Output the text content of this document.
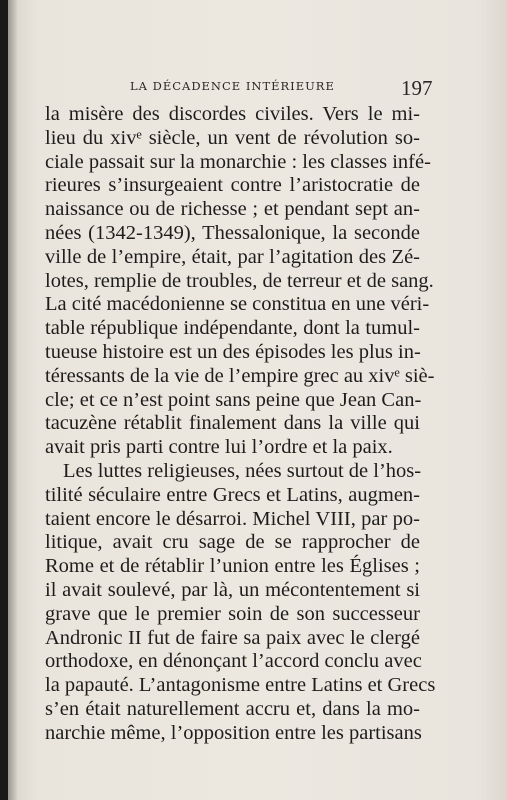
LA DÉCADENCE INTÉRIEURE	197
la misère des discordes civiles. Vers le mi-
lieu du xivᵉ siècle, un vent de révolution so-
ciale passait sur la monarchie : les classes infé-
rieures s’insurgeaient contre l’aristocratie de
naissance ou de richesse ; et pendant sept an-
nées (1342-1349), Thessalonique, la seconde
ville de l’empire, était, par l’agitation des Zé-
lotes, remplie de troubles, de terreur et de sang.
La cité macédonienne se constitua en une véri-
table république indépendante, dont la tumul-
tueuse histoire est un des épisodes les plus in-
téressants de la vie de l’empire grec au xivᵉ siè-
cle; et ce n’est point sans peine que Jean Can-
tacuzène rétablit finalement dans la ville qui
avait pris parti contre lui l’ordre et la paix.
Les luttes religieuses, nées surtout de l’hos-
tilité séculaire entre Grecs et Latins, augmen-
taient encore le désarroi. Michel VIII, par po-
litique, avait cru sage de se rapprocher de
Rome et de rétablir l’union entre les Églises ;
il avait soulevé, par là, un mécontentement si
grave que le premier soin de son successeur
Andronic II fut de faire sa paix avec le clergé
orthodoxe, en dénonçant l’accord conclu avec
la papauté. L’antagonisme entre Latins et Grecs
s’en était naturellement accru et, dans la mo-
narchie même, l’opposition entre les partisans
